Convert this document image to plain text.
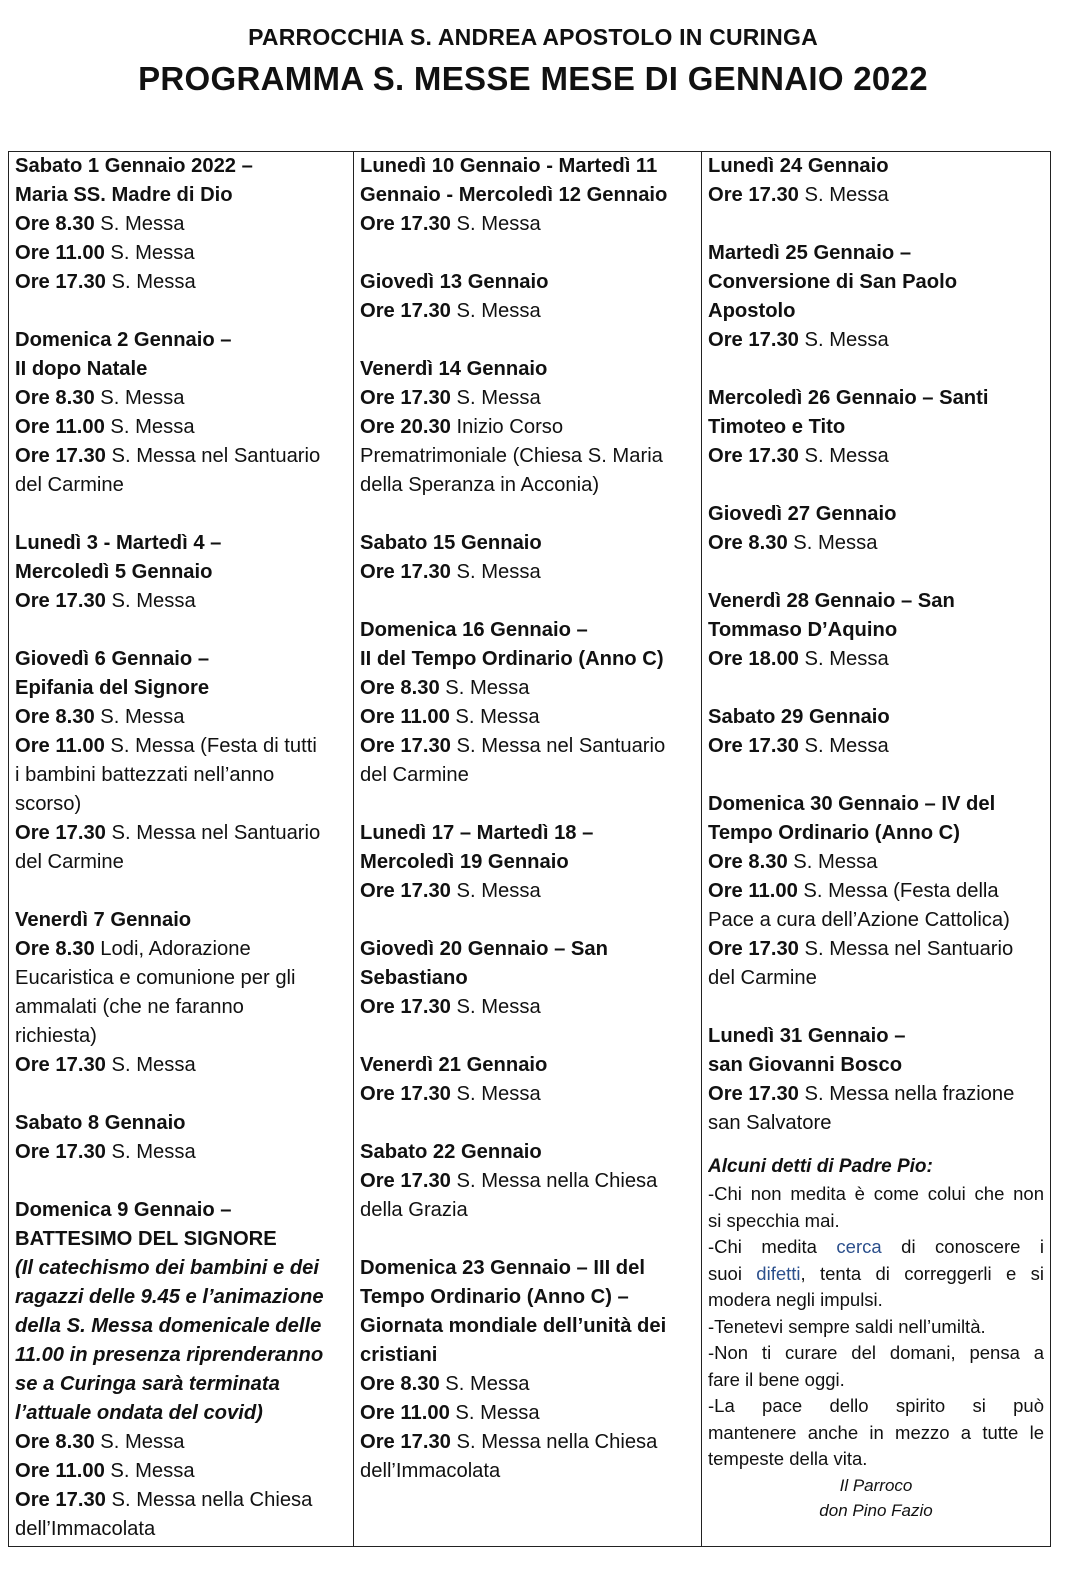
PARROCCHIA S. ANDREA APOSTOLO IN CURINGA
PROGRAMMA S. MESSE MESE DI GENNAIO 2022
Sabato 1 Gennaio 2022 –
Maria SS. Madre di Dio
Ore 8.30 S. Messa
Ore 11.00 S. Messa
Ore 17.30 S. Messa
Domenica 2 Gennaio –
II dopo Natale
Ore 8.30 S. Messa
Ore 11.00 S. Messa
Ore 17.30 S. Messa nel Santuario
del Carmine
Lunedì 3 - Martedì 4 –
Mercoledì 5 Gennaio
Ore 17.30 S. Messa
Giovedì 6 Gennaio –
Epifania del Signore
Ore 8.30 S. Messa
Ore 11.00 S. Messa (Festa di tutti
i bambini battezzati nell’anno
scorso)
Ore 17.30 S. Messa nel Santuario
del Carmine
Venerdì 7 Gennaio
Ore 8.30 Lodi, Adorazione
Eucaristica e comunione per gli
ammalati (che ne faranno
richiesta)
Ore 17.30 S. Messa
Sabato 8 Gennaio
Ore 17.30 S. Messa
Domenica 9 Gennaio –
BATTESIMO DEL SIGNORE
(Il catechismo dei bambini e dei
ragazzi delle 9.45 e l’animazione
della S. Messa domenicale delle
11.00 in presenza riprenderanno
se a Curinga sarà terminata
l’attuale ondata del covid)
Ore 8.30 S. Messa
Ore 11.00 S. Messa
Ore 17.30 S. Messa nella Chiesa
dell’Immacolata
Lunedì 10 Gennaio - Martedì 11
Gennaio - Mercoledì 12 Gennaio
Ore 17.30 S. Messa
Giovedì 13 Gennaio
Ore 17.30 S. Messa
Venerdì 14 Gennaio
Ore 17.30 S. Messa
Ore 20.30 Inizio Corso
Prematrimoniale (Chiesa S. Maria
della Speranza in Acconia)
Sabato 15 Gennaio
Ore 17.30 S. Messa
Domenica 16 Gennaio –
II del Tempo Ordinario (Anno C)
Ore 8.30 S. Messa
Ore 11.00 S. Messa
Ore 17.30 S. Messa nel Santuario
del Carmine
Lunedì 17 – Martedì 18 –
Mercoledì 19 Gennaio
Ore 17.30 S. Messa
Giovedì 20 Gennaio – San
Sebastiano
Ore 17.30 S. Messa
Venerdì 21 Gennaio
Ore 17.30 S. Messa
Sabato 22 Gennaio
Ore 17.30 S. Messa nella Chiesa
della Grazia
Domenica 23 Gennaio – III del
Tempo Ordinario (Anno C) –
Giornata mondiale dell’unità dei
cristiani
Ore 8.30 S. Messa
Ore 11.00 S. Messa
Ore 17.30 S. Messa nella Chiesa
dell’Immacolata
Lunedì 24 Gennaio
Ore 17.30 S. Messa
Martedì 25 Gennaio –
Conversione di San Paolo
Apostolo
Ore 17.30 S. Messa
Mercoledì 26 Gennaio – Santi
Timoteo e Tito
Ore 17.30 S. Messa
Giovedì 27 Gennaio
Ore 8.30 S. Messa
Venerdì 28 Gennaio – San
Tommaso D’Aquino
Ore 18.00 S. Messa
Sabato 29 Gennaio
Ore 17.30 S. Messa
Domenica 30 Gennaio – IV del
Tempo Ordinario (Anno C)
Ore 8.30 S. Messa
Ore 11.00 S. Messa (Festa della
Pace a cura dell’Azione Cattolica)
Ore 17.30 S. Messa nel Santuario
del Carmine
Lunedì 31 Gennaio –
san Giovanni Bosco
Ore 17.30 S. Messa nella frazione
san Salvatore
Alcuni detti di Padre Pio:
-Chi non medita è come colui che non
si specchia mai.
-Chi medita cerca di conoscere i
suoi difetti, tenta di correggerli e si
modera negli impulsi.
-Tenetevi sempre saldi nell’umiltà.
-Non ti curare del domani, pensa a
fare il bene oggi.
-La pace dello spirito si può
mantenere anche in mezzo a tutte le
tempeste della vita.
Il Parroco
don Pino Fazio
